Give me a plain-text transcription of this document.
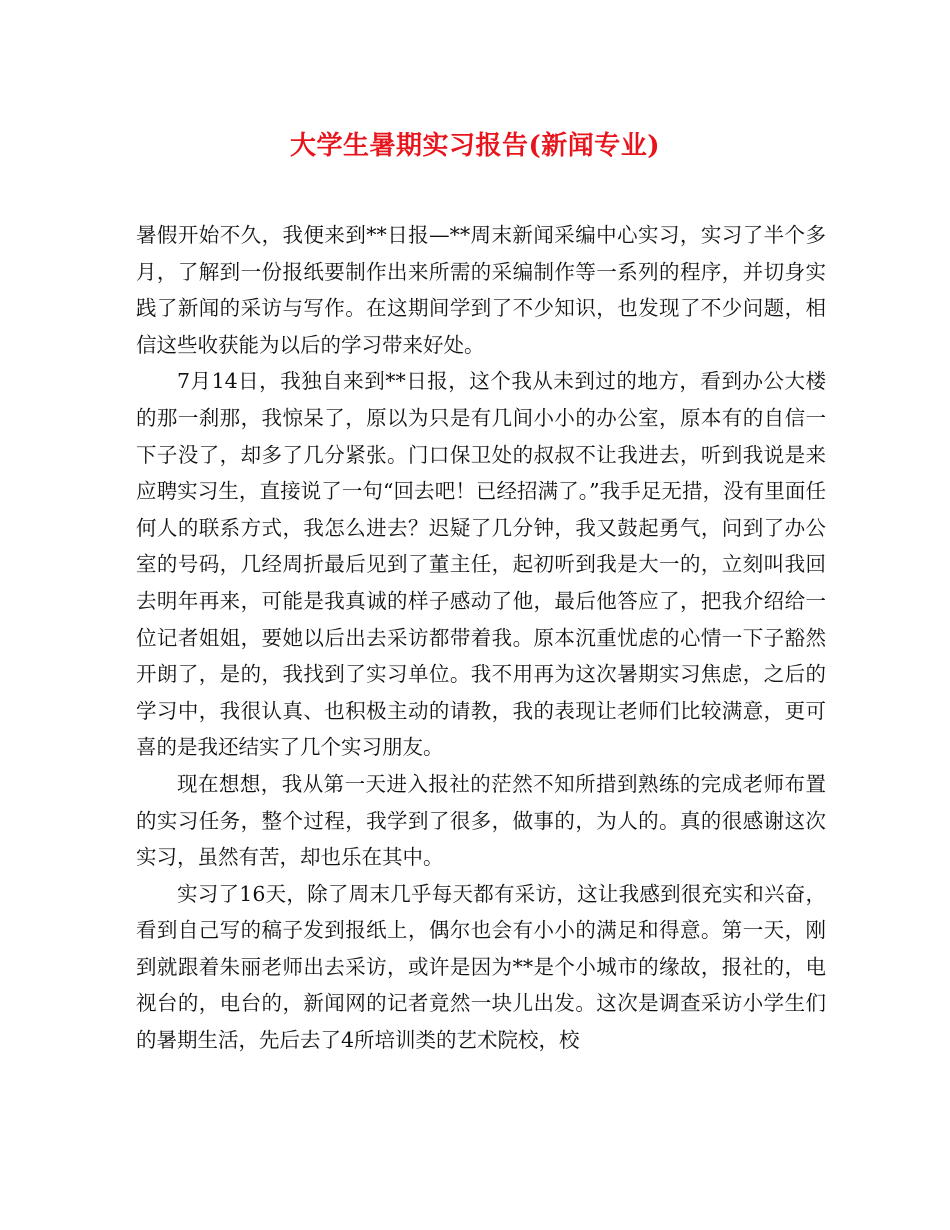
大学生暑期实习报告(新闻专业)

暑假开始不久，我便来到**日报—**周末新闻采编中心实习，实习了半个多月，了解到一份报纸要制作出来所需的采编制作等一系列的程序，并切身实践了新闻的采访与写作。在这期间学到了不少知识，也发现了不少问题，相信这些收获能为以后的学习带来好处。

7月14日，我独自来到**日报，这个我从未到过的地方，看到办公大楼的那一刹那，我惊呆了，原以为只是有几间小小的办公室，原本有的自信一下子没了，却多了几分紧张。门口保卫处的叔叔不让我进去，听到我说是来应聘实习生，直接说了一句“回去吧！已经招满了。”我手足无措，没有里面任何人的联系方式，我怎么进去？迟疑了几分钟，我又鼓起勇气，问到了办公室的号码，几经周折最后见到了董主任，起初听到我是大一的，立刻叫我回去明年再来，可能是我真诚的样子感动了他，最后他答应了，把我介绍给一位记者姐姐，要她以后出去采访都带着我。原本沉重忧虑的心情一下子豁然开朗了，是的，我找到了实习单位。我不用再为这次暑期实习焦虑，之后的学习中，我很认真、也积极主动的请教，我的表现让老师们比较满意，更可喜的是我还结实了几个实习朋友。

现在想想，我从第一天进入报社的茫然不知所措到熟练的完成老师布置的实习任务，整个过程，我学到了很多，做事的，为人的。真的很感谢这次实习，虽然有苦，却也乐在其中。

实习了16天，除了周末几乎每天都有采访，这让我感到很充实和兴奋，看到自己写的稿子发到报纸上，偶尔也会有小小的满足和得意。第一天，刚到就跟着朱丽老师出去采访，或许是因为**是个小城市的缘故，报社的，电视台的，电台的，新闻网的记者竟然一块儿出发。这次是调查采访小学生们的暑期生活，先后去了4所培训类的艺术院校，校
